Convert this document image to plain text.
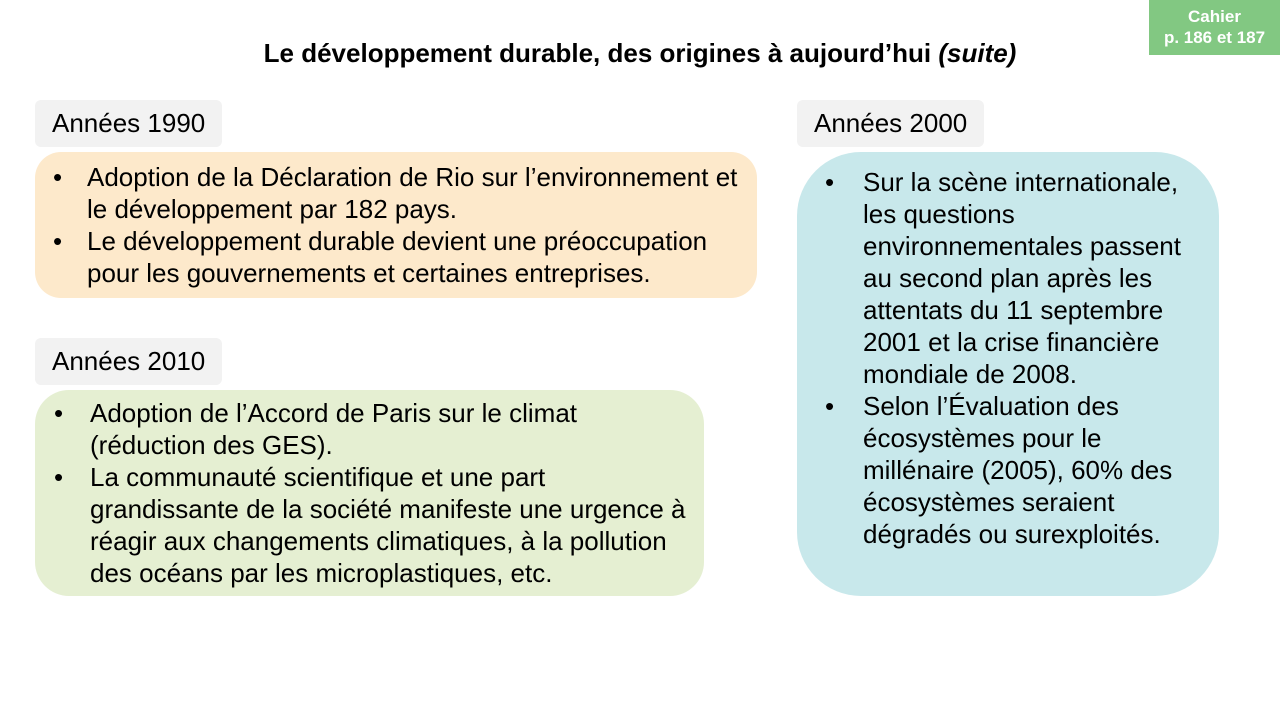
Cahier
p. 186 et 187
Le développement durable, des origines à aujourd’hui (suite)
Années 1990
• Adoption de la Déclaration de Rio sur l’environnement et le développement par 182 pays.
• Le développement durable devient une préoccupation pour les gouvernements et certaines entreprises.
Années 2010
• Adoption de l’Accord de Paris sur le climat (réduction des GES).
• La communauté scientifique et une part grandissante de la société manifeste une urgence à réagir aux changements climatiques, à la pollution des océans par les microplastiques, etc.
Années 2000
• Sur la scène internationale, les questions environnementales passent au second plan après les attentats du 11 septembre 2001 et la crise financière mondiale de 2008.
• Selon l’Évaluation des écosystèmes pour le millénaire (2005), 60% des écosystèmes seraient dégradés ou surexploités.
